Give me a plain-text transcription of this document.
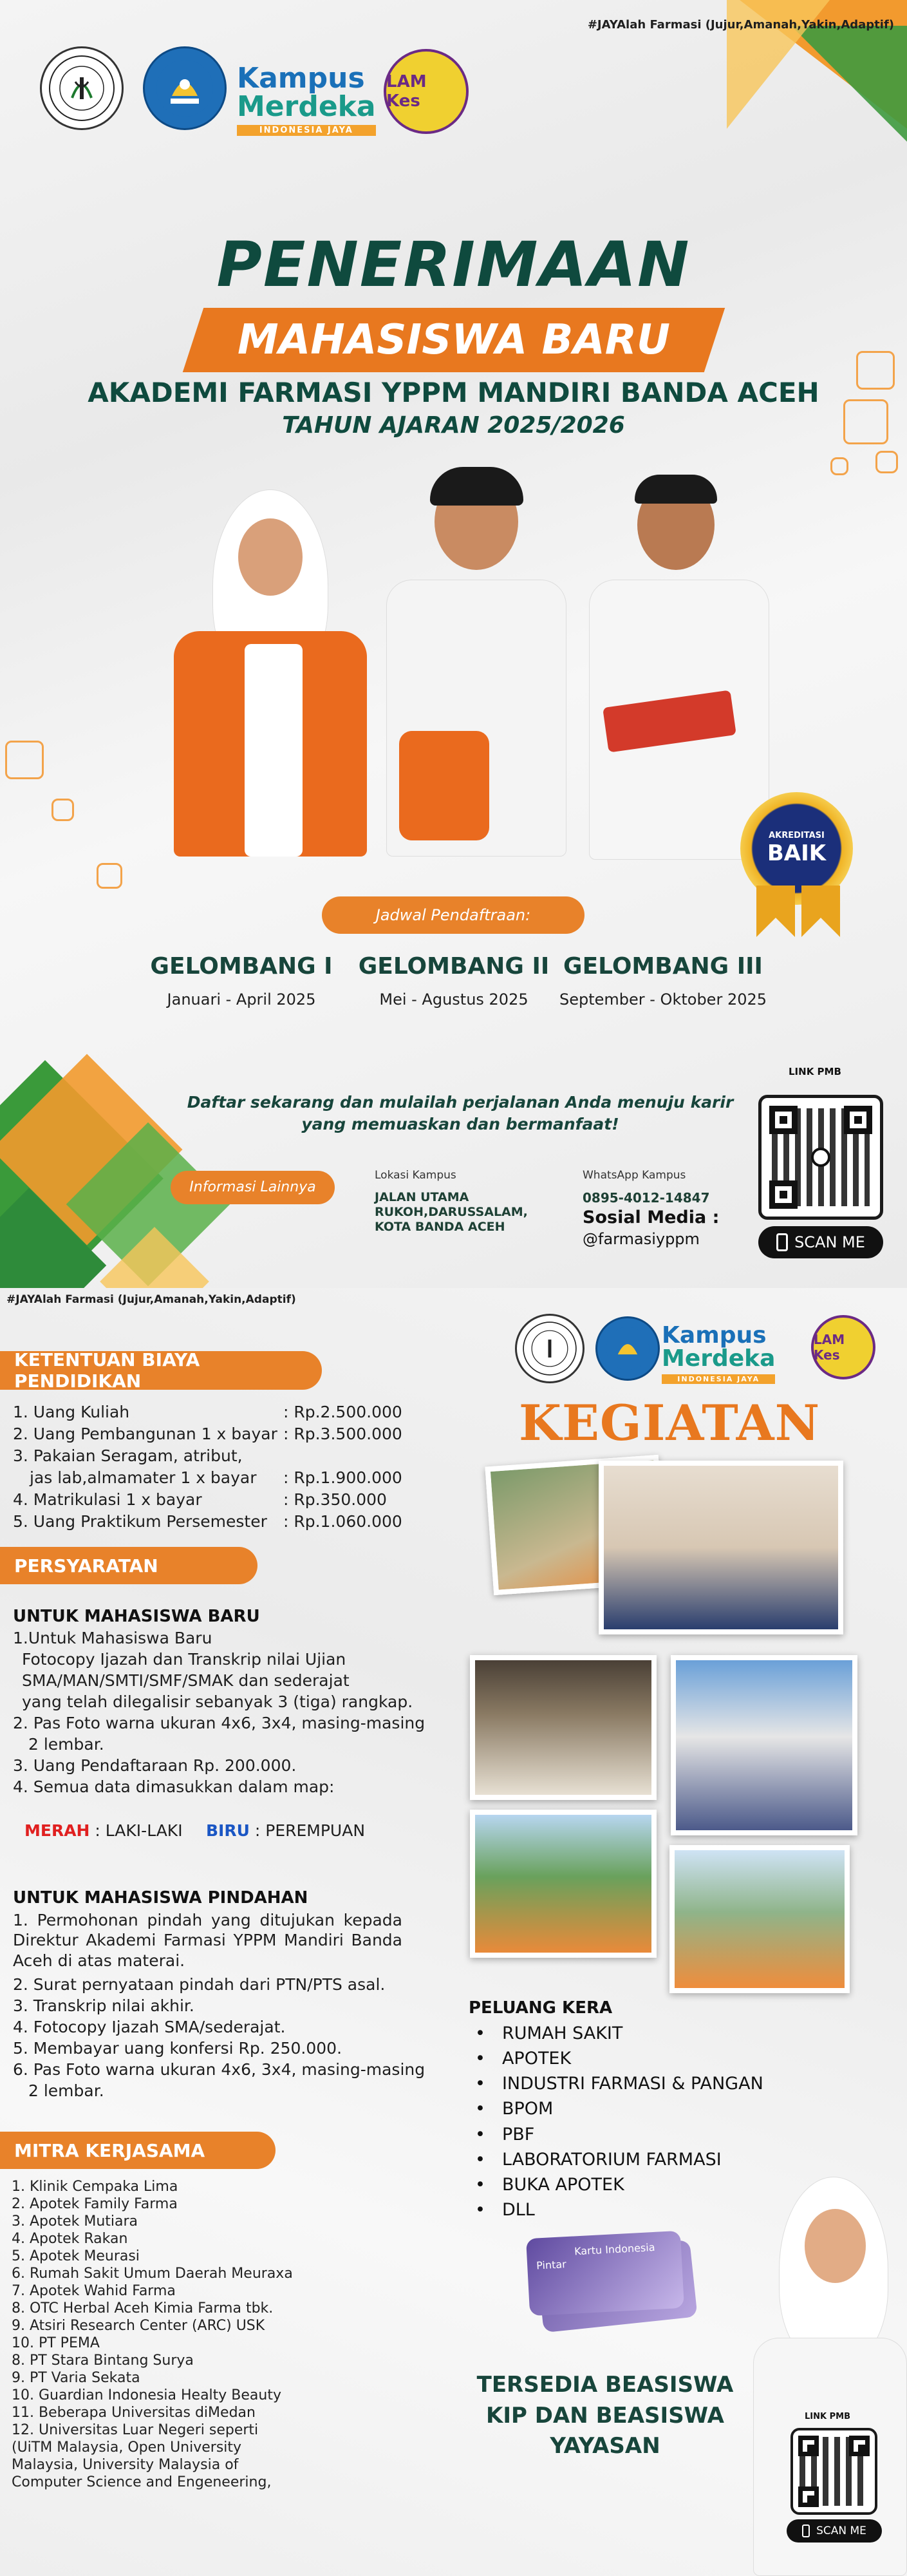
#JAYAlah Farmasi (Jujur,Amanah,Yakin,Adaptif)
Kampus
Merdeka
INDONESIA JAYA
LAM Kes
PENERIMAAN
MAHASISWA BARU
AKADEMI FARMASI YPPM MANDIRI BANDA ACEH
TAHUN AJARAN 2025/2026
AKREDITASI
BAIK
Jadwal Pendaftraan:
GELOMBANG I
Januari - April 2025
GELOMBANG II
Mei - Agustus 2025
GELOMBANG III
September - Oktober 2025
Daftar sekarang dan mulailah perjalanan Anda menuju karir yang memuaskan dan bermanfaat!
Informasi Lainnya
Lokasi Kampus
JALAN UTAMA RUKOH,DARUSSALAM, KOTA BANDA ACEH
WhatsApp Kampus
0895-4012-14847
Sosial Media :
@farmasiyppm
LINK PMB
SCAN ME
#JAYAlah Farmasi (Jujur,Amanah,Yakin,Adaptif)
Kampus
Merdeka
INDONESIA JAYA
LAM Kes
KETENTUAN BIAYA PENDIDIKAN
1. Uang Kuliah	: Rp.2.500.000
2. Uang Pembangunan 1 x bayar : Rp.3.500.000
3. Pakaian Seragam, atribut,
jas lab,almamater 1 x bayar : Rp.1.900.000
4. Matrikulasi 1 x bayar	: Rp.350.000
5. Uang Praktikum Persemester : Rp.1.060.000
PERSYARATAN
UNTUK MAHASISWA BARU
1.Untuk Mahasiswa Baru
Fotocopy Ijazah dan Transkrip nilai Ujian
SMA/MAN/SMTI/SMF/SMAK dan sederajat
yang telah dilegalisir sebanyak 3 (tiga) rangkap.
2. Pas Foto warna ukuran 4x6, 3x4, masing-masing
2 lembar.
3. Uang Pendaftaraan Rp. 200.000.
4. Semua data dimasukkan dalam map:
MERAH : LAKI-LAKI BIRU : PEREMPUAN
UNTUK MAHASISWA PINDAHAN
1. Permohonan pindah yang ditujukan kepada Direktur Akademi Farmasi YPPM Mandiri Banda Aceh di atas materai.
2. Surat pernyataan pindah dari PTN/PTS asal.
3. Transkrip nilai akhir.
4. Fotocopy Ijazah SMA/sederajat.
5. Membayar uang konfersi Rp. 250.000.
6. Pas Foto warna ukuran 4x6, 3x4, masing-masing
2 lembar.
MITRA KERJASAMA
1. Klinik Cempaka Lima
2. Apotek Family Farma
3. Apotek Mutiara
4. Apotek Rakan
5. Apotek Meurasi
6. Rumah Sakit Umum Daerah Meuraxa
7. Apotek Wahid Farma
8. OTC Herbal Aceh Kimia Farma tbk.
9. Atsiri Research Center (ARC) USK
10. PT PEMA
8. PT Stara Bintang Surya
9. PT Varia Sekata
10. Guardian Indonesia Healty Beauty
11. Beberapa Universitas diMedan
12. Universitas Luar Negeri seperti
(UiTM Malaysia, Open University
Malaysia, University Malaysia of
Computer Science and Engeneering,
KEGIATAN
PELUANG KERA
• RUMAH SAKIT
• APOTEK
• INDUSTRI FARMASI & PANGAN
• BPOM
• PBF
• LABORATORIUM FARMASI
• BUKA APOTEK
• DLL
Kartu Indonesia Pintar
TERSEDIA BEASISWA
KIP DAN BEASISWA
YAYASAN
LINK PMB
SCAN ME
